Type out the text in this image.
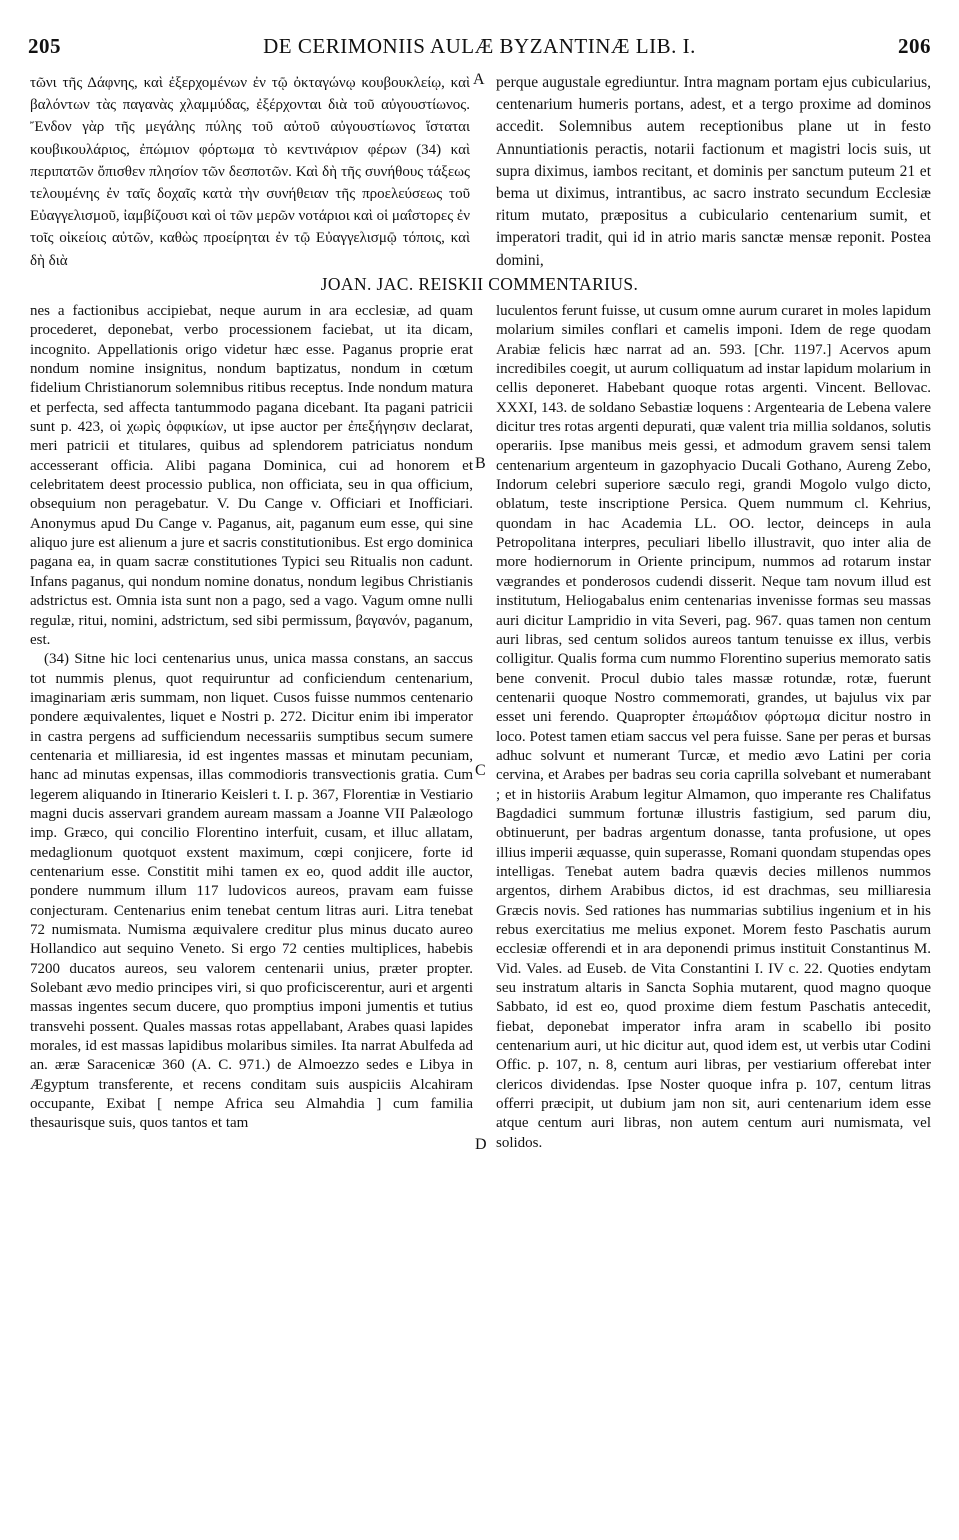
205	DE CERIMONIIS AULÆ BYZANTINÆ LIB. I.	206

τῶνι τῆς Δάφνης, καὶ ἐξερχομένων ἐν τῷ ὀκταγώνῳ κουβουκλείῳ, καὶ βαλόντων τὰς παγανὰς χλαμμύδας, ἐξέρχονται διὰ τοῦ αὐγουστίωνος. Ἔνδον γὰρ τῆς μεγάλης πύλης τοῦ αὐτοῦ αὐγουστίωνος ἵσταται κουβικουλάριος, ἐπώμιον φόρτωμα τὸ κεντινάριον φέρων (34) καὶ περιπατῶν ὄπισθεν πλησίον τῶν δεσποτῶν. Καὶ δὴ τῆς συνήθους τάξεως τελουμένης ἐν ταῖς δοχαῖς κατὰ τὴν συνήθειαν τῆς προελεύσεως τοῦ Εὐαγγελισμοῦ, ἰαμβίζουσι καὶ οἱ τῶν μερῶν νοτάριοι καὶ οἱ μαΐστορες ἐν τοῖς οἰκείοις αὐτῶν, καθὼς προείρηται ἐν τῷ Εὐαγγελισμῷ τόποις, καὶ δὴ διὰ

perque augustale egrediuntur. Intra magnam portam ejus cubicularius, centenarium humeris portans, adest, et a tergo proxime ad dominos accedit. Solemnibus autem receptionibus plane ut in festo Annuntiationis peractis, notarii factionum et magistri locis suis, ut supra diximus, iambos recitant, et dominis per sanctum puteum 21 et bema ut diximus, intrantibus, ac sacro instrato secundum Ecclesiæ ritum mutato, præpositus a cubiculario centenarium sumit, et imperatori tradit, qui id in atrio maris sanctæ mensæ reponit. Postea domini,

A
JOAN. JAC. REISKII COMMENTARIUS.

nes a factionibus accipiebat, neque aurum in ara ecclesiæ, ad quam procederet, deponebat, verbo processionem faciebat, ut ita dicam, incognito. Appellationis origo videtur hæc esse. Paganus proprie erat nondum nomine insignitus, nondum baptizatus, nondum in cœtum fidelium Christianorum solemnibus ritibus receptus. Inde nondum matura et perfecta, sed affecta tantummodo pagana dicebant. Ita pagani patricii sunt p. 423, οἱ χωρὶς ὀφφικίων, ut ipse auctor per ἐπεξήγησιν declarat, meri patricii et titulares, quibus ad splendorem patriciatus nondum accesserant officia. Alibi pagana Dominica, cui ad honorem et celebritatem deest processio publica, non officiata, seu in qua officium, obsequium non peragebatur. V. Du Cange v. Officiari et Inofficiari. Anonymus apud Du Cange v. Paganus, ait, paganum eum esse, qui sine aliquo jure est alienum a jure et sacris constitutionibus. Est ergo dominica pagana ea, in quam sacræ constitutiones Typici seu Ritualis non cadunt. Infans paganus, qui nondum nomine donatus, nondum legibus Christianis adstrictus est. Omnia ista sunt non a pago, sed a vago. Vagum omne nulli regulæ, ritui, nomini, adstrictum, sed sibi permissum, βαγανόν, paganum, est.

(34) Sitne hic loci centenarius unus, unica massa constans, an saccus tot nummis plenus, quot requiruntur ad conficiendum centenarium, imaginariam æris summam, non liquet. Cusos fuisse nummos centenario pondere æquivalentes, liquet e Nostri p. 272. Dicitur enim ibi imperator in castra pergens ad sufficiendum necessariis sumptibus secum sumere centenaria et milliaresia, id est ingentes massas et minutam pecuniam, hanc ad minutas expensas, illas commodioris transvectionis gratia. Cum legerem aliquando in Itinerario Keisleri t. I. p. 367, Florentiæ in Vestiario magni ducis asservari grandem auream massam a Joanne VII Palæologo imp. Græco, qui concilio Florentino interfuit, cusam, et illuc allatam, medaglionum quotquot exstent maximum, cœpi conjicere, forte id centenarium esse. Constitit mihi tamen ex eo, quod addit ille auctor, pondere nummum illum 117 ludovicos aureos, pravam eam fuisse conjecturam. Centenarius enim tenebat centum litras auri. Litra tenebat 72 numismata. Numisma æquivalere creditur plus minus ducato aureo Hollandico aut sequino Veneto. Si ergo 72 centies multiplices, habebis 7200 ducatos aureos, seu valorem centenarii unius, præter propter. Solebant ævo medio principes viri, si quo proficiscerentur, auri et argenti massas ingentes secum ducere, quo promptius imponi jumentis et tutius transvehi possent. Quales massas rotas appellabant, Arabes quasi lapides morales, id est massas lapidibus molaribus similes. Ita narrat Abulfeda ad an. æræ Saracenicæ 360 (A. C. 971.) de Almoezzo sedes e Libya in Ægyptum transferente, et recens conditam suis auspiciis Alcahiram occupante, Exibat [ nempe Africa seu Almahdia ] cum familia thesaurisque suis, quos tantos et tam

B
C
D

luculentos ferunt fuisse, ut cusum omne aurum curaret in moles lapidum molarium similes conflari et camelis imponi. Idem de rege quodam Arabiæ felicis hæc narrat ad an. 593. [Chr. 1197.] Acervos apum incredibiles coegit, ut aurum colliquatum ad instar lapidum molarium in cellis deponeret. Habebant quoque rotas argenti. Vincent. Bellovac. XXXI, 143. de soldano Sebastiæ loquens : Argentearia de Lebena valere dicitur tres rotas argenti depurati, quæ valent tria millia soldanos, solutis operariis. Ipse manibus meis gessi, et admodum gravem sensi talem centenarium argenteum in gazophyacio Ducali Gothano, Aureng Zebo, Indorum celebri superiore sæculo regi, grandi Mogolo vulgo dicto, oblatum, teste inscriptione Persica. Quem nummum cl. Kehrius, quondam in hac Academia LL. OO. lector, deinceps in aula Petropolitana interpres, peculiari libello illustravit, quo inter alia de more hodiernorum in Oriente principum, nummos ad rotarum instar vægrandes et ponderosos cudendi disserit. Neque tam novum illud est institutum, Heliogabalus enim centenarias invenisse formas seu massas auri dicitur Lampridio in vita Severi, pag. 967. quas tamen non centum auri libras, sed centum solidos aureos tantum tenuisse ex illus, verbis colligitur. Qualis forma cum nummo Florentino superius memorato satis bene convenit. Procul dubio tales massæ rotundæ, rotæ, fuerunt centenarii quoque Nostro commemorati, grandes, ut bajulus vix par esset uni ferendo. Quapropter ἐπωμάδιον φόρτωμα dicitur nostro in loco. Potest tamen etiam saccus vel pera fuisse. Sane per peras et bursas adhuc solvunt et numerant Turcæ, et medio ævo Latini per coria cervina, et Arabes per badras seu coria caprilla solvebant et numerabant ; et in historiis Arabum legitur Almamon, quo imperante res Chalifatus Bagdadici summum fortunæ illustris fastigium, sed parum diu, obtinuerunt, per badras argentum donasse, tanta profusione, ut opes illius imperii æquasse, quin superasse, Romani quondam stupendas opes intelligas. Tenebat autem badra quævis decies millenos nummos argentos, dirhem Arabibus dictos, id est drachmas, seu milliaresia Græcis novis. Sed rationes has nummarias subtilius ingenium et in his rebus exercitatius me melius exponet. Morem festo Paschatis aurum ecclesiæ offerendi et in ara deponendi primus instituit Constantinus M. Vid. Vales. ad Euseb. de Vita Constantini I. IV c. 22. Quoties endytam seu instratum altaris in Sancta Sophia mutarent, quod magno quoque Sabbato, id est eo, quod proxime diem festum Paschatis antecedit, fiebat, deponebat imperator infra aram in scabello ibi posito centenarium auri, ut hic dicitur aut, quod idem est, ut verbis utar Codini Offic. p. 107, n. 8, centum auri libras, per vestiarium offerebat inter clericos dividendas. Ipse Noster quoque infra p. 107, centum litras offerri præcipit, ut dubium jam non sit, auri centenarium idem esse atque centum auri libras, non autem centum auri numismata, vel solidos.
